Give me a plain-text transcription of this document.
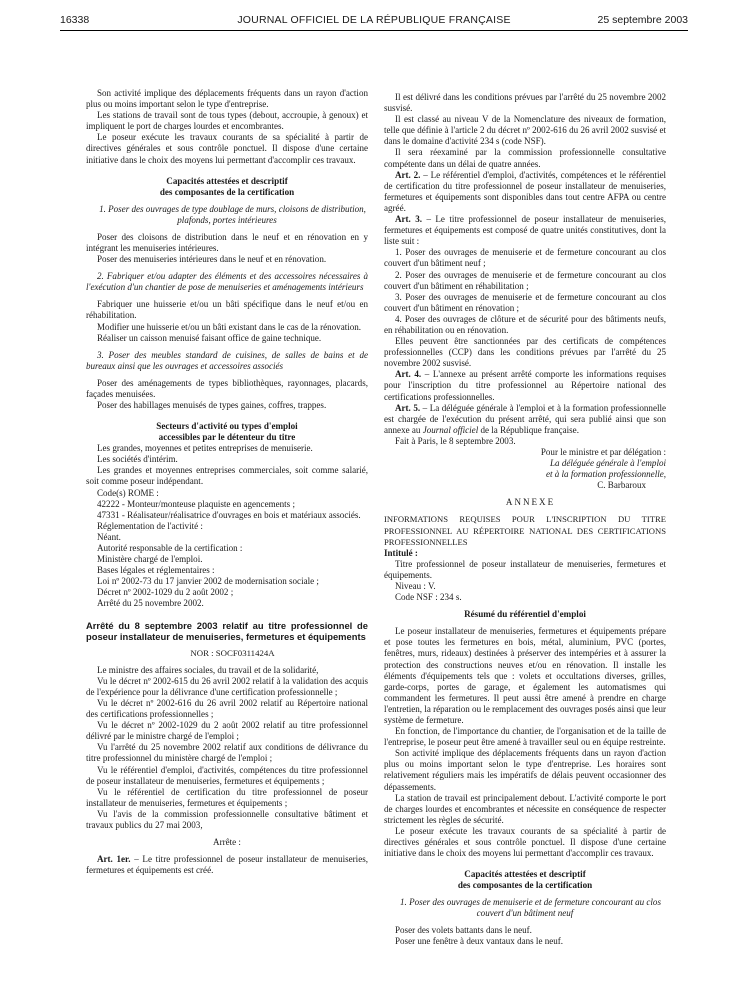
16338	JOURNAL OFFICIEL DE LA RÉPUBLIQUE FRANÇAISE	25 septembre 2003

Son activité implique des déplacements fréquents dans un rayon d'action plus ou moins important selon le type d'entreprise.

Les stations de travail sont de tous types (debout, accroupie, à genoux) et impliquent le port de charges lourdes et encombrantes.

Le poseur exécute les travaux courants de sa spécialité à partir de directives générales et sous contrôle ponctuel. Il dispose d'une certaine initiative dans le choix des moyens lui permettant d'accomplir ces travaux.

Capacités attestées et descriptif
des composantes de la certification

1. Poser des ouvrages de type doublage de murs, cloisons de distribution, plafonds, portes intérieures

Poser des cloisons de distribution dans le neuf et en rénovation en y intégrant les menuiseries intérieures.

Poser des menuiseries intérieures dans le neuf et en rénovation.

2. Fabriquer et/ou adapter des éléments et des accessoires nécessaires à l'exécution d'un chantier de pose de menuiseries et aménagements intérieurs

Fabriquer une huisserie et/ou un bâti spécifique dans le neuf et/ou en réhabilitation.

Modifier une huisserie et/ou un bâti existant dans le cas de la rénovation.

Réaliser un caisson menuisé faisant office de gaine technique.

3. Poser des meubles standard de cuisines, de salles de bains et de bureaux ainsi que les ouvrages et accessoires associés

Poser des aménagements de types bibliothèques, rayonnages, placards, façades menuisées.

Poser des habillages menuisés de types gaines, coffres, trappes.

Secteurs d'activité ou types d'emploi
accessibles par le détenteur du titre

Les grandes, moyennes et petites entreprises de menuiserie.

Les sociétés d'intérim.

Les grandes et moyennes entreprises commerciales, soit comme salarié, soit comme poseur indépendant.

Code(s) ROME :

42222 - Monteur/monteuse plaquiste en agencements ;

47331 - Réalisateur/réalisatrice d'ouvrages en bois et matériaux associés.

Réglementation de l'activité :

Néant.

Autorité responsable de la certification :

Ministère chargé de l'emploi.

Bases légales et réglementaires :

Loi nº 2002-73 du 17 janvier 2002 de modernisation sociale ;

Décret nº 2002-1029 du 2 août 2002 ;

Arrêté du 25 novembre 2002.

Arrêté du 8 septembre 2003 relatif au titre professionnel de poseur installateur de menuiseries, fermetures et équipements

NOR : SOCF0311424A

Le ministre des affaires sociales, du travail et de la solidarité,

Vu le décret nº 2002-615 du 26 avril 2002 relatif à la validation des acquis de l'expérience pour la délivrance d'une certification professionnelle ;

Vu le décret nº 2002-616 du 26 avril 2002 relatif au Répertoire national des certifications professionnelles ;

Vu le décret nº 2002-1029 du 2 août 2002 relatif au titre professionnel délivré par le ministre chargé de l'emploi ;

Vu l'arrêté du 25 novembre 2002 relatif aux conditions de délivrance du titre professionnel du ministère chargé de l'emploi ;

Vu le référentiel d'emploi, d'activités, compétences du titre professionnel de poseur installateur de menuiseries, fermetures et équipements ;

Vu le référentiel de certification du titre professionnel de poseur installateur de menuiseries, fermetures et équipements ;

Vu l'avis de la commission professionnelle consultative bâtiment et travaux publics du 27 mai 2003,

Arrête :

Art. 1er. – Le titre professionnel de poseur installateur de menuiseries, fermetures et équipements est créé.

Il est délivré dans les conditions prévues par l'arrêté du 25 novembre 2002 susvisé.

Il est classé au niveau V de la Nomenclature des niveaux de formation, telle que définie à l'article 2 du décret nº 2002-616 du 26 avril 2002 susvisé et dans le domaine d'activité 234 s (code NSF).

Il sera réexaminé par la commission professionnelle consultative compétente dans un délai de quatre années.

Art. 2. – Le référentiel d'emploi, d'activités, compétences et le référentiel de certification du titre professionnel de poseur installateur de menuiseries, fermetures et équipements sont disponibles dans tout centre AFPA ou centre agréé.

Art. 3. – Le titre professionnel de poseur installateur de menuiseries, fermetures et équipements est composé de quatre unités constitutives, dont la liste suit :

1. Poser des ouvrages de menuiserie et de fermeture concourant au clos couvert d'un bâtiment neuf ;

2. Poser des ouvrages de menuiserie et de fermeture concourant au clos couvert d'un bâtiment en réhabilitation ;

3. Poser des ouvrages de menuiserie et de fermeture concourant au clos couvert d'un bâtiment en rénovation ;

4. Poser des ouvrages de clôture et de sécurité pour des bâtiments neufs, en réhabilitation ou en rénovation.

Elles peuvent être sanctionnées par des certificats de compétences professionnelles (CCP) dans les conditions prévues par l'arrêté du 25 novembre 2002 susvisé.

Art. 4. – L'annexe au présent arrêté comporte les informations requises pour l'inscription du titre professionnel au Répertoire national des certifications professionnelles.

Art. 5. – La déléguée générale à l'emploi et à la formation professionnelle est chargée de l'exécution du présent arrêté, qui sera publié ainsi que son annexe au Journal officiel de la République française.

Fait à Paris, le 8 septembre 2003.

Pour le ministre et par délégation :

La déléguée générale à l'emploi

et à la formation professionnelle,

C. Barbaroux

ANNEXE

INFORMATIONS REQUISES POUR L'INSCRIPTION DU TITRE PROFESSIONNEL AU RÉPERTOIRE NATIONAL DES CERTIFICATIONS PROFESSIONNELLES

Intitulé :

Titre professionnel de poseur installateur de menuiseries, fermetures et équipements.

Niveau : V.

Code NSF : 234 s.

Résumé du référentiel d'emploi

Le poseur installateur de menuiseries, fermetures et équipements prépare et pose toutes les fermetures en bois, métal, aluminium, PVC (portes, fenêtres, murs, rideaux) destinées à préserver des intempéries et à assurer la protection des constructions neuves et/ou en rénovation. Il installe les éléments d'équipements tels que : volets et occultations diverses, grilles, garde-corps, portes de garage, et également les automatismes qui commandent les fermetures. Il peut aussi être amené à prendre en charge l'entretien, la réparation ou le remplacement des ouvrages posés ainsi que leur système de fermeture.

En fonction, de l'importance du chantier, de l'organisation et de la taille de l'entreprise, le poseur peut être amené à travailler seul ou en équipe restreinte.

Son activité implique des déplacements fréquents dans un rayon d'action plus ou moins important selon le type d'entreprise. Les horaires sont relativement réguliers mais les impératifs de délais peuvent occasionner des dépassements.

La station de travail est principalement debout. L'activité comporte le port de charges lourdes et encombrantes et nécessite en conséquence de respecter strictement les règles de sécurité.

Le poseur exécute les travaux courants de sa spécialité à partir de directives générales et sous contrôle ponctuel. Il dispose d'une certaine initiative dans le choix des moyens lui permettant d'accomplir ces travaux.

Capacités attestées et descriptif
des composantes de la certification

1. Poser des ouvrages de menuiserie et de fermeture concourant au clos couvert d'un bâtiment neuf

Poser des volets battants dans le neuf.

Poser une fenêtre à deux vantaux dans le neuf.
